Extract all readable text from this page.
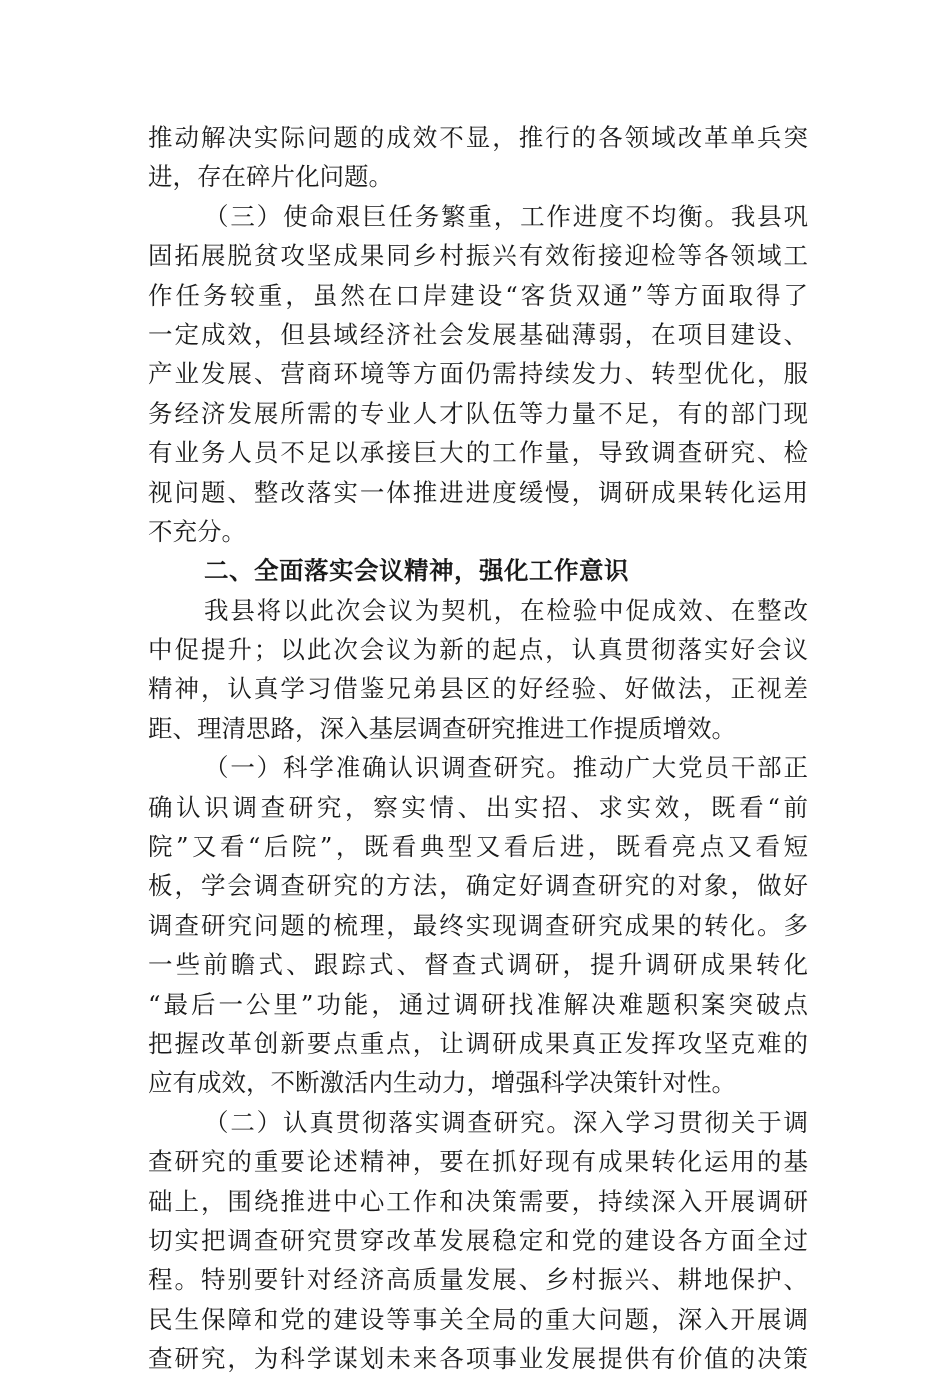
推动解决实际问题的成效不显，推行的各领域改革单兵突
进，存在碎片化问题。
（三）使命艰巨任务繁重，工作进度不均衡。我县巩
固拓展脱贫攻坚成果同乡村振兴有效衔接迎检等各领域工
作任务较重，虽然在口岸建设“客货双通”等方面取得了
一定成效，但县域经济社会发展基础薄弱，在项目建设、
产业发展、营商环境等方面仍需持续发力、转型优化，服
务经济发展所需的专业人才队伍等力量不足，有的部门现
有业务人员不足以承接巨大的工作量，导致调查研究、检
视问题、整改落实一体推进进度缓慢，调研成果转化运用
不充分。
二、全面落实会议精神，强化工作意识
我县将以此次会议为契机，在检验中促成效、在整改
中促提升；以此次会议为新的起点，认真贯彻落实好会议
精神，认真学习借鉴兄弟县区的好经验、好做法，正视差
距、理清思路，深入基层调查研究推进工作提质增效。
（一）科学准确认识调查研究。推动广大党员干部正
确认识调查研究，察实情、出实招、求实效，既看“前
院”又看“后院”，既看典型又看后进，既看亮点又看短
板，学会调查研究的方法，确定好调查研究的对象，做好
调查研究问题的梳理，最终实现调查研究成果的转化。多
一些前瞻式、跟踪式、督查式调研，提升调研成果转化
“最后一公里”功能，通过调研找准解决难题积案突破点
把握改革创新要点重点，让调研成果真正发挥攻坚克难的
应有成效，不断激活内生动力，增强科学决策针对性。
（二）认真贯彻落实调查研究。深入学习贯彻关于调
查研究的重要论述精神，要在抓好现有成果转化运用的基
础上，围绕推进中心工作和决策需要，持续深入开展调研
切实把调查研究贯穿改革发展稳定和党的建设各方面全过
程。特别要针对经济高质量发展、乡村振兴、耕地保护、
民生保障和党的建设等事关全局的重大问题，深入开展调
查研究，为科学谋划未来各项事业发展提供有价值的决策
